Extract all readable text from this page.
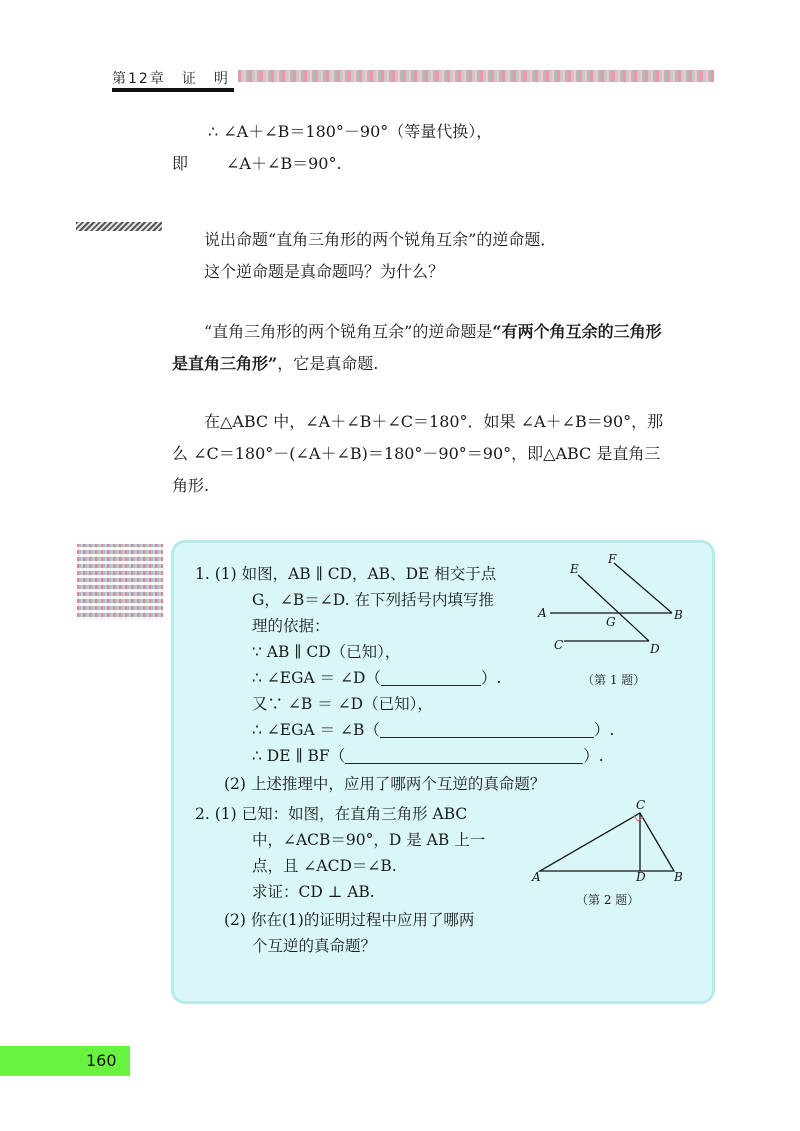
第12章　证　明
∴ ∠A＋∠B＝180°－90°（等量代换），
即 ∠A＋∠B＝90°.
说出命题“直角三角形的两个锐角互余”的逆命题．
这个逆命题是真命题吗？为什么？
“直角三角形的两个锐角互余”的逆命题是“有两个角互余的三角形
是直角三角形”，它是真命题.
在△ABC 中，∠A＋∠B＋∠C＝180°．如果 ∠A＋∠B＝90°，那
么 ∠C＝180°－(∠A＋∠B)＝180°－90°＝90°，即△ABC 是直角三
角形.
1. (1) 如图，AB ∥ CD，AB、DE 相交于点
G，∠B＝∠D. 在下列括号内填写推
理的依据：
∵ AB ∥ CD（已知），
∴ ∠EGA ＝ ∠D（	）.
又∵ ∠B ＝ ∠D（已知），
∴ ∠EGA ＝ ∠B（	）.
∴ DE ∥ BF（	）.
(2) 上述推理中，应用了哪两个互逆的真命题？
F
E
A
G	B
C	D
（第 1 题）
2. (1) 已知：如图，在直角三角形 ABC
中，∠ACB＝90°，D 是 AB 上一
点，且 ∠ACD＝∠B.
求证：CD ⊥ AB.
(2) 你在(1)的证明过程中应用了哪两
个互逆的真命题？
C
A	D B
（第 2 题）
160
